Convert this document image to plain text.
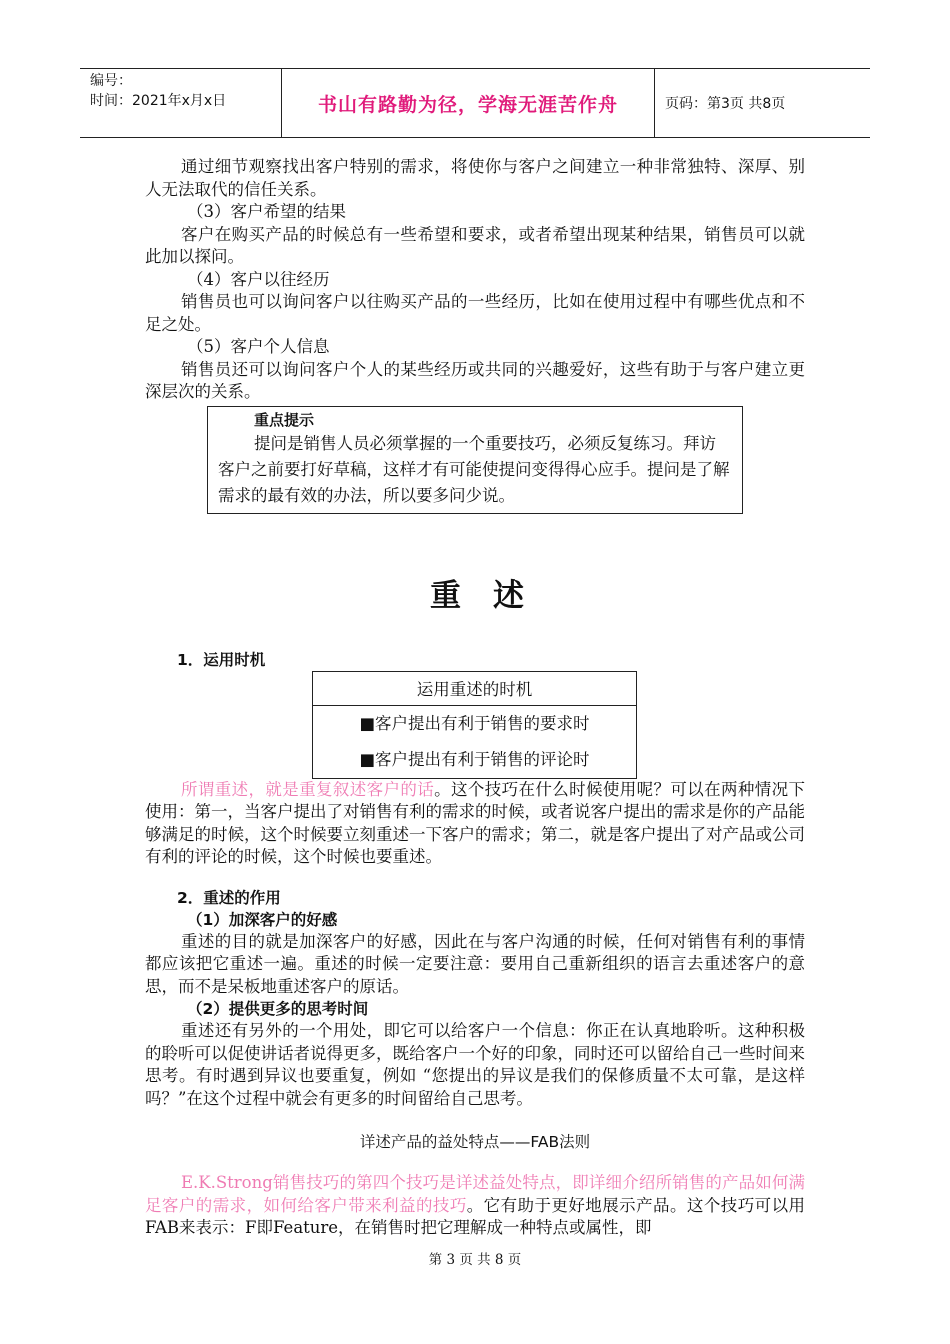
编号：
时间：2021年x月x日	书山有路勤为径，学海无涯苦作舟	页码：第3页 共8页

通过细节观察找出客户特别的需求，将使你与客户之间建立一种非常独特、深厚、别人无法取代的信任关系。

（3）客户希望的结果

客户在购买产品的时候总有一些希望和要求，或者希望出现某种结果，销售员可以就此加以探问。

（4）客户以往经历

销售员也可以询问客户以往购买产品的一些经历，比如在使用过程中有哪些优点和不足之处。

（5）客户个人信息

销售员还可以询问客户个人的某些经历或共同的兴趣爱好，这些有助于与客户建立更深层次的关系。

重点提示

提问是销售人员必须掌握的一个重要技巧，必须反复练习。拜访客户之前要打好草稿，这样才有可能使提问变得得心应手。提问是了解需求的最有效的办法，所以要多问少说。

重述

1．运用时机

运用重述的时机

■客户提出有利于销售的要求时
■客户提出有利于销售的评论时

所谓重述，就是重复叙述客户的话。这个技巧在什么时候使用呢？可以在两种情况下使用：第一，当客户提出了对销售有利的需求的时候，或者说客户提出的需求是你的产品能够满足的时候，这个时候要立刻重述一下客户的需求；第二，就是客户提出了对产品或公司有利的评论的时候，这个时候也要重述。

2．重述的作用

（1）加深客户的好感

重述的目的就是加深客户的好感，因此在与客户沟通的时候，任何对销售有利的事情都应该把它重述一遍。重述的时候一定要注意：要用自己重新组织的语言去重述客户的意思，而不是呆板地重述客户的原话。

（2）提供更多的思考时间

重述还有另外的一个用处，即它可以给客户一个信息：你正在认真地聆听。这种积极的聆听可以促使讲话者说得更多，既给客户一个好的印象，同时还可以留给自己一些时间来思考。有时遇到异议也要重复，例如 “您提出的异议是我们的保修质量不太可靠，是这样吗？”在这个过程中就会有更多的时间留给自己思考。

详述产品的益处特点——FAB法则

E.K.Strong销售技巧的第四个技巧是详述益处特点，即详细介绍所销售的产品如何满足客户的需求，如何给客户带来利益的技巧。它有助于更好地展示产品。这个技巧可以用FAB来表示：F即Feature，在销售时把它理解成一种特点或属性，即

第 3 页 共 8 页
